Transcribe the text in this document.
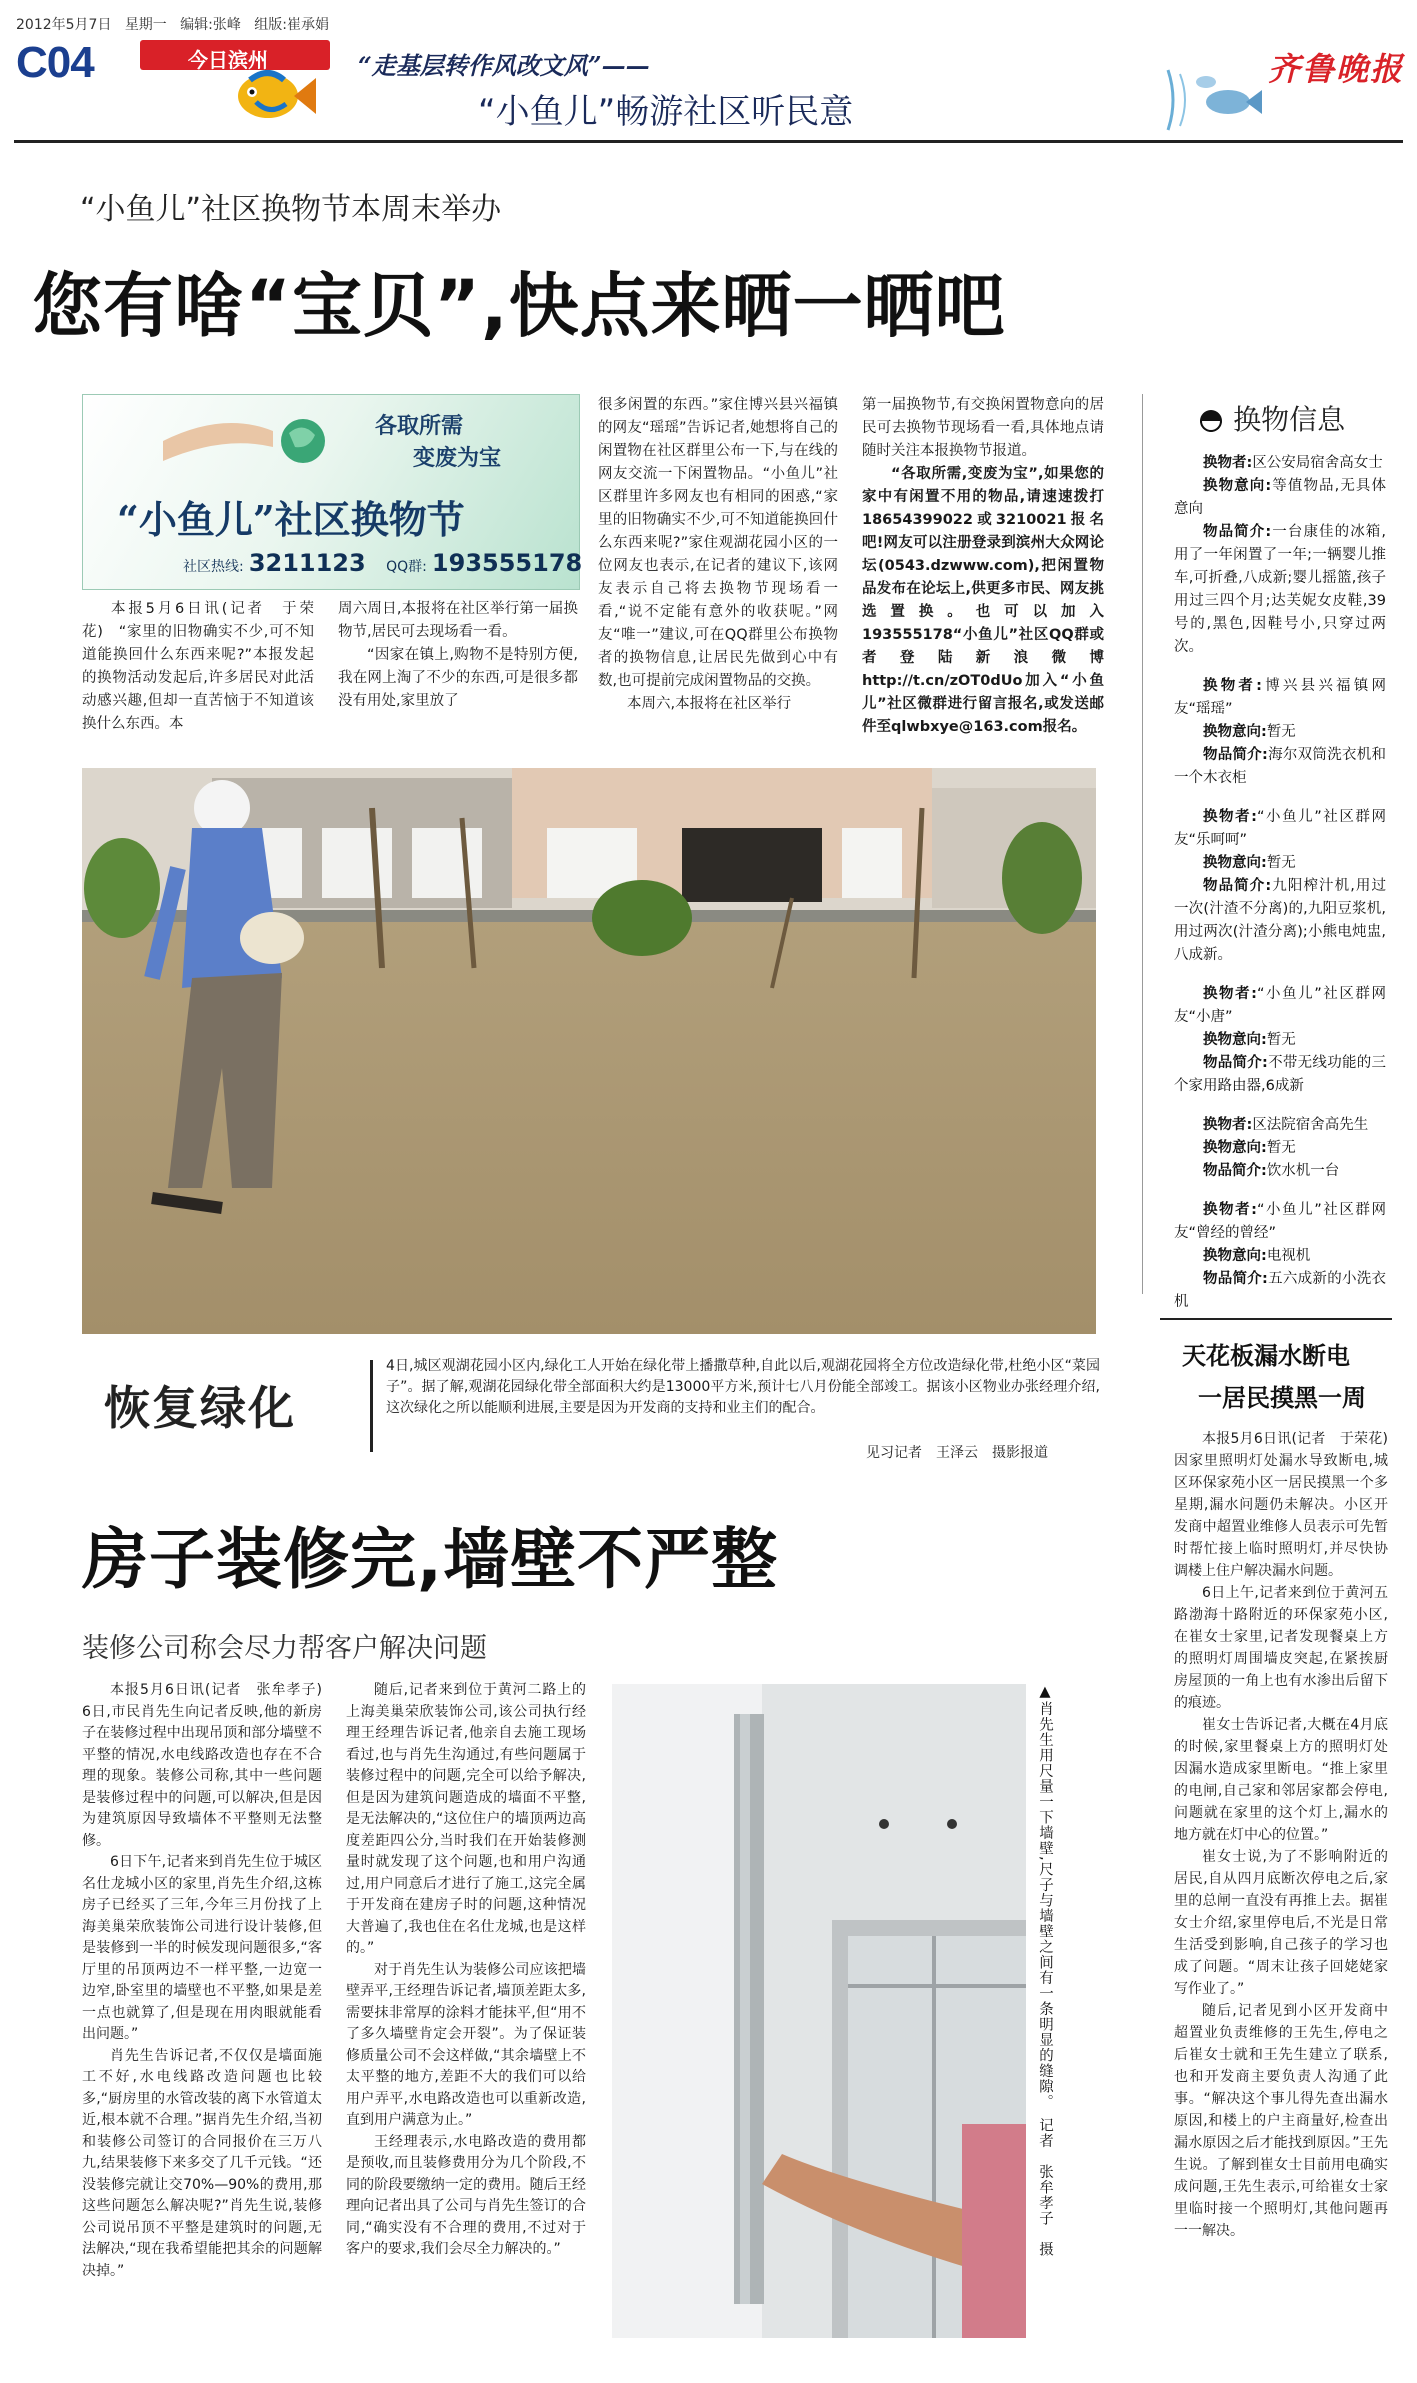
2012年5月7日 星期一 编辑:张峰 组版:崔承娟
C04	今日滨州	“走基层转作风改文风”——
“小鱼儿”畅游社区听民意
齐鲁晚报
“小鱼儿”社区换物节本周末举办
您有啥“宝贝”,快点来晒一晒吧
各取所需
变废为宝
“小鱼儿”社区换物节
社区热线: 3211123 QQ群: 193555178

本报5月6日讯(记者　于荣花)　“家里的旧物确实不少,可不知道能换回什么东西来呢?”本报发起的换物活动发起后,许多居民对此活动感兴趣,但却一直苦恼于不知道该换什么东西。本

周六周日,本报将在社区举行第一届换物节,居民可去现场看一看。

“因家在镇上,购物不是特别方便,我在网上淘了不少的东西,可是很多都没有用处,家里放了

很多闲置的东西。”家住博兴县兴福镇的网友“瑶瑶”告诉记者,她想将自己的闲置物在社区群里公布一下,与在线的网友交流一下闲置物品。“小鱼儿”社区群里许多网友也有相同的困惑,“家里的旧物确实不少,可不知道能换回什么东西来呢?”家住观湖花园小区的一位网友也表示,在记者的建议下,该网友表示自己将去换物节现场看一看,“说不定能有意外的收获呢。”网友“唯一”建议,可在QQ群里公布换物者的换物信息,让居民先做到心中有数,也可提前完成闲置物品的交换。

本周六,本报将在社区举行

第一届换物节,有交换闲置物意向的居民可去换物节现场看一看,具体地点请随时关注本报换物节报道。

“各取所需,变废为宝”,如果您的家中有闲置不用的物品,请速速拨打18654399022或3210021报名吧!网友可以注册登录到滨州大众网论坛(0543.dzwww.com),把闲置物品发布在论坛上,供更多市民、网友挑选置换。也可以加入193555178“小鱼儿”社区QQ群或者登陆新浪微博http://t.cn/zOT0dUo加入“小鱼儿”社区微群进行留言报名,或发送邮件至qlwbxye@163.com报名。

换物信息
换物者:区公安局宿舍高女士
换物意向:等值物品,无具体意向
物品简介:一台康佳的冰箱,用了一年闲置了一年;一辆婴儿推车,可折叠,八成新;婴儿摇篮,孩子用过三四个月;达芙妮女皮鞋,39号的,黑色,因鞋号小,只穿过两次。
换物者:博兴县兴福镇网友“瑶瑶”
换物意向:暂无
物品简介:海尔双筒洗衣机和一个木衣柜
换物者:“小鱼儿”社区群网友“乐呵呵”
换物意向:暂无
物品简介:九阳榨汁机,用过一次(汁渣不分离)的,九阳豆浆机,用过两次(汁渣分离);小熊电炖盅,八成新。
换物者:“小鱼儿”社区群网友“小唐”
换物意向:暂无
物品简介:不带无线功能的三个家用路由器,6成新
换物者:区法院宿舍高先生
换物意向:暂无
物品简介:饮水机一台
换物者:“小鱼儿”社区群网友“曾经的曾经”
换物意向:电视机
物品简介:五六成新的小洗衣机
恢复绿化
4日,城区观湖花园小区内,绿化工人开始在绿化带上播撒草种,自此以后,观湖花园将全方位改造绿化带,杜绝小区“菜园子”。据了解,观湖花园绿化带全部面积大约是13000平方米,预计七八月份能全部竣工。据该小区物业办张经理介绍,这次绿化之所以能顺利进展,主要是因为开发商的支持和业主们的配合。
见习记者　王泽云　摄影报道
天花板漏水断电
一居民摸黑一周

本报5月6日讯(记者　于荣花)　因家里照明灯处漏水导致断电,城区环保家苑小区一居民摸黑一个多星期,漏水问题仍未解决。小区开发商中超置业维修人员表示可先暂时帮忙接上临时照明灯,并尽快协调楼上住户解决漏水问题。

6日上午,记者来到位于黄河五路渤海十路附近的环保家苑小区,在崔女士家里,记者发现餐桌上方的照明灯周围墙皮突起,在紧挨厨房屋顶的一角上也有水渗出后留下的痕迹。

崔女士告诉记者,大概在4月底的时候,家里餐桌上方的照明灯处因漏水造成家里断电。“推上家里的电闸,自己家和邻居家都会停电,问题就在家里的这个灯上,漏水的地方就在灯中心的位置。”

崔女士说,为了不影响附近的居民,自从四月底断次停电之后,家里的总闸一直没有再推上去。据崔女士介绍,家里停电后,不光是日常生活受到影响,自己孩子的学习也成了问题。“周末让孩子回姥姥家写作业了。”

随后,记者见到小区开发商中超置业负责维修的王先生,停电之后崔女士就和王先生建立了联系,也和开发商主要负责人沟通了此事。“解决这个事儿得先查出漏水原因,和楼上的户主商量好,检查出漏水原因之后才能找到原因。”王先生说。了解到崔女士目前用电确实成问题,王先生表示,可给崔女士家里临时接一个照明灯,其他问题再一一解决。

房子装修完,墙壁不严整
装修公司称会尽力帮客户解决问题

本报5月6日讯(记者　张牟孝子)　6日,市民肖先生向记者反映,他的新房子在装修过程中出现吊顶和部分墙壁不平整的情况,水电线路改造也存在不合理的现象。装修公司称,其中一些问题是装修过程中的问题,可以解决,但是因为建筑原因导致墙体不平整则无法整修。

6日下午,记者来到肖先生位于城区名仕龙城小区的家里,肖先生介绍,这栋房子已经买了三年,今年三月份找了上海美巢荣欣装饰公司进行设计装修,但是装修到一半的时候发现问题很多,“客厅里的吊顶两边不一样平整,一边宽一边窄,卧室里的墙壁也不平整,如果是差一点也就算了,但是现在用肉眼就能看出问题。”

肖先生告诉记者,不仅仅是墙面施工不好,水电线路改造问题也比较多,“厨房里的水管改装的离下水管道太近,根本就不合理。”据肖先生介绍,当初和装修公司签订的合同报价在三万八九,结果装修下来多交了几千元钱。“还没装修完就让交70%—90%的费用,那这些问题怎么解决呢?”肖先生说,装修公司说吊顶不平整是建筑时的问题,无法解决,“现在我希望能把其余的问题解决掉。”

随后,记者来到位于黄河二路上的上海美巢荣欣装饰公司,该公司执行经理王经理告诉记者,他亲自去施工现场看过,也与肖先生沟通过,有些问题属于装修过程中的问题,完全可以给予解决,但是因为建筑问题造成的墙面不平整,是无法解决的,“这位住户的墙顶两边高度差距四公分,当时我们在开始装修测量时就发现了这个问题,也和用户沟通过,用户同意后才进行了施工,这完全属于开发商在建房子时的问题,这种情况大普遍了,我也住在名仕龙城,也是这样的。”

对于肖先生认为装修公司应该把墙壁弄平,王经理告诉记者,墙顶差距太多,需要抹非常厚的涂料才能抹平,但“用不了多久墙壁肯定会开裂”。为了保证装修质量公司不会这样做,“其余墙壁上不太平整的地方,差距不大的我们可以给用户弄平,水电路改造也可以重新改造,直到用户满意为止。”

王经理表示,水电路改造的费用都是预收,而且装修费用分为几个阶段,不同的阶段要缴纳一定的费用。随后王经理向记者出具了公司与肖先生签订的合同,“确实没有不合理的费用,不过对于客户的要求,我们会尽全力解决的。”	▲肖先生用尺量一下墙壁,尺子与墙壁之间有一条明显的缝隙。　记者　张牟孝子　摄
